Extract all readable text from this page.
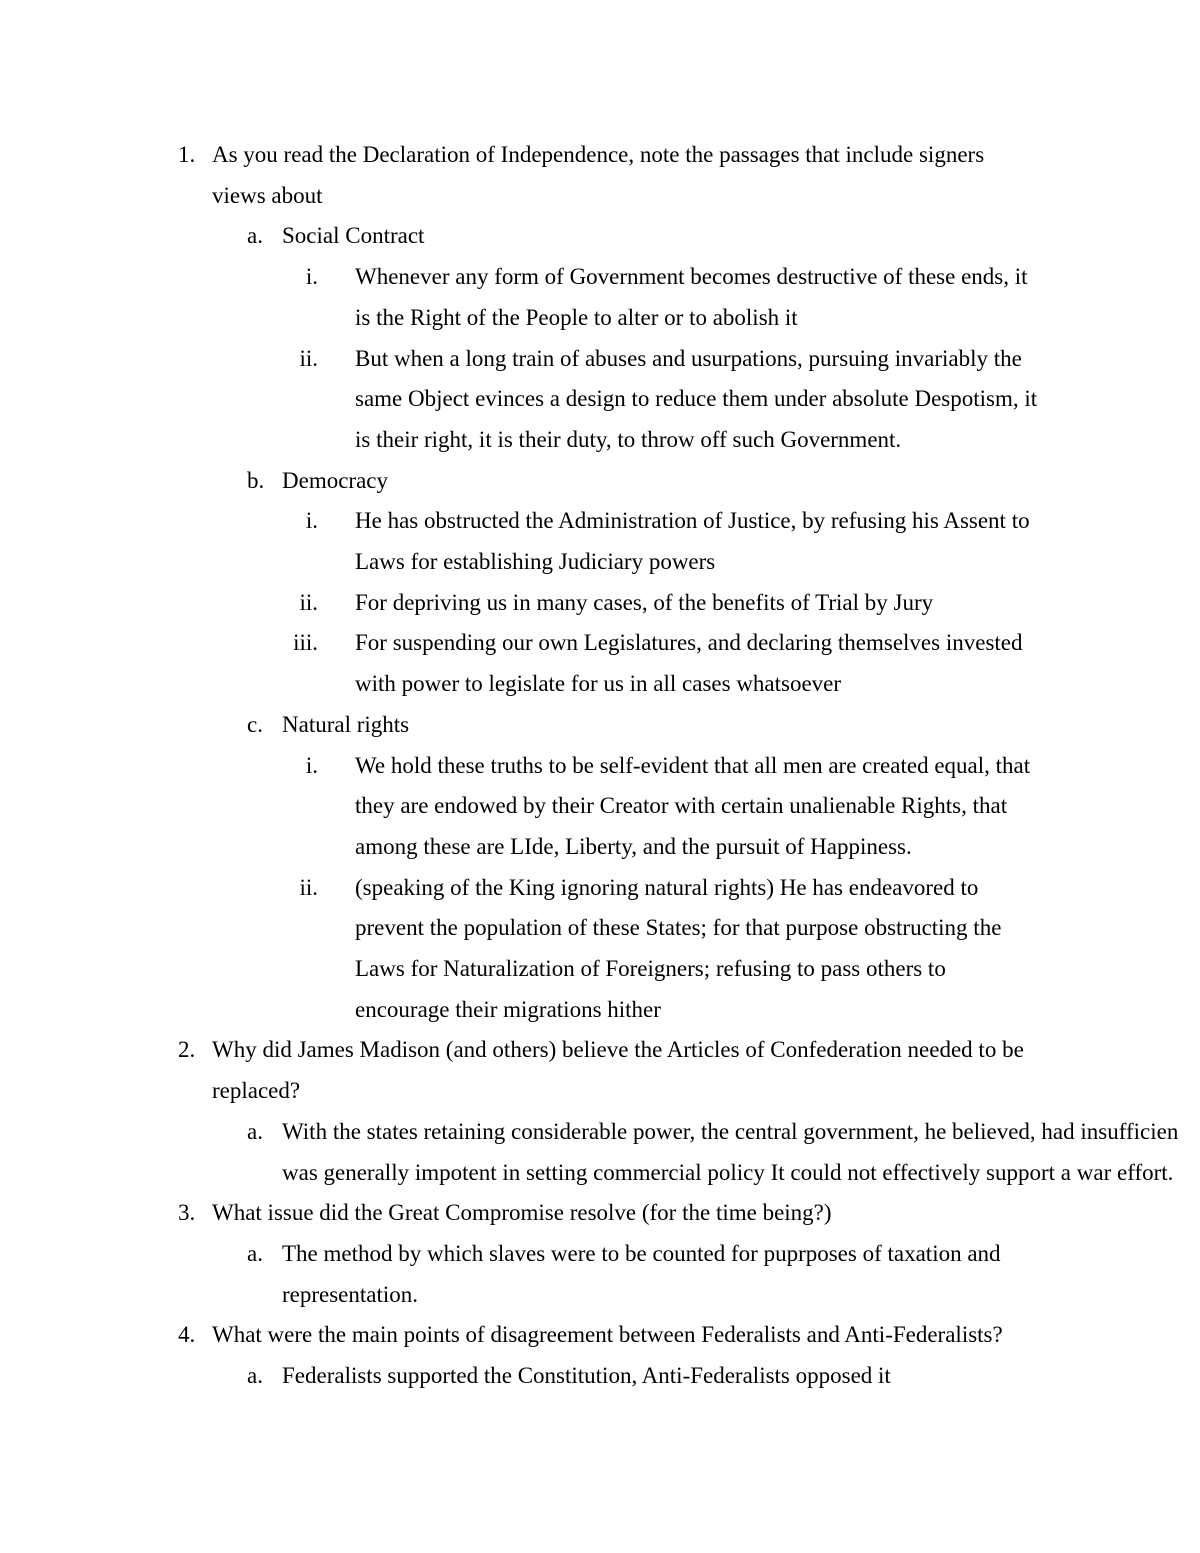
1. As you read the Declaration of Independence, note the passages that include signers
views about
a. Social Contract
i. Whenever any form of Government becomes destructive of these ends, it
is the Right of the People to alter or to abolish it
ii. But when a long train of abuses and usurpations, pursuing invariably the
same Object evinces a design to reduce them under absolute Despotism, it
is their right, it is their duty, to throw off such Government.
b. Democracy
i. He has obstructed the Administration of Justice, by refusing his Assent to
Laws for establishing Judiciary powers
ii. For depriving us in many cases, of the benefits of Trial by Jury
iii. For suspending our own Legislatures, and declaring themselves invested
with power to legislate for us in all cases whatsoever
c. Natural rights
i. We hold these truths to be self-evident that all men are created equal, that
they are endowed by their Creator with certain unalienable Rights, that
among these are LIde, Liberty, and the pursuit of Happiness.
ii. (speaking of the King ignoring natural rights) He has endeavored to
prevent the population of these States; for that purpose obstructing the
Laws for Naturalization of Foreigners; refusing to pass others to
encourage their migrations hither
2. Why did James Madison (and others) believe the Articles of Confederation needed to be
replaced?
a. With the states retaining considerable power, the central government, he believed, had insufficien
was generally impotent in setting commercial policy It could not effectively support a war effort.
3. What issue did the Great Compromise resolve (for the time being?)
a. The method by which slaves were to be counted for puprposes of taxation and
representation.
4. What were the main points of disagreement between Federalists and Anti-Federalists?
a. Federalists supported the Constitution, Anti-Federalists opposed it
